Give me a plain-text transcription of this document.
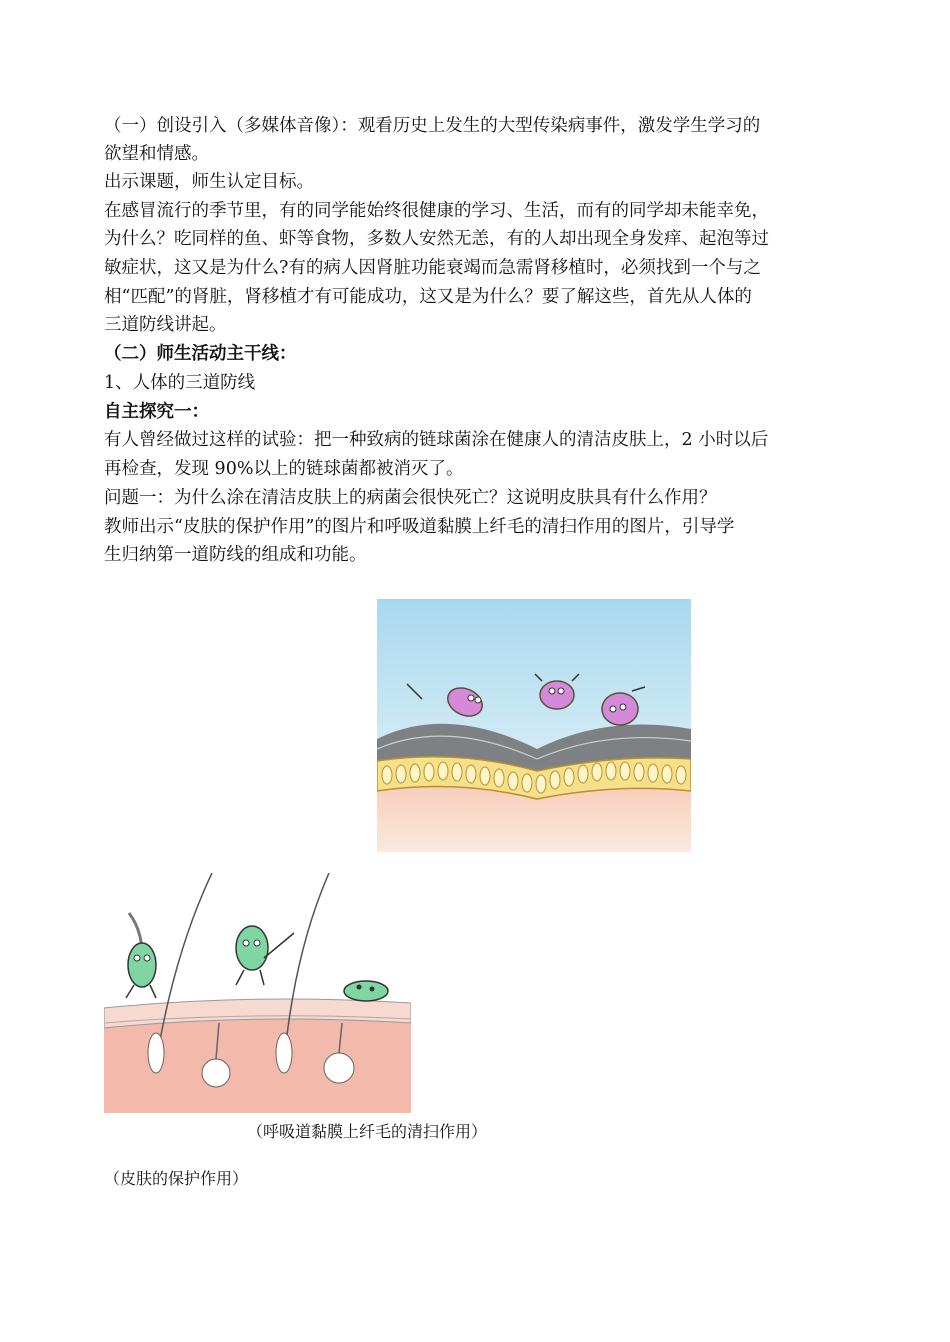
（一）创设引入（多媒体音像）：观看历史上发生的大型传染病事件，激发学生学习的
欲望和情感。
出示课题，师生认定目标。
在感冒流行的季节里，有的同学能始终很健康的学习、生活，而有的同学却未能幸免，
为什么？吃同样的鱼、虾等食物，多数人安然无恙，有的人却出现全身发痒、起泡等过
敏症状，这又是为什么?有的病人因肾脏功能衰竭而急需肾移植时，必须找到一个与之
相“匹配”的肾脏，肾移植才有可能成功，这又是为什么？要了解这些，首先从人体的
三道防线讲起。
（二）师生活动主干线：
1、人体的三道防线
自主探究一：
有人曾经做过这样的试验：把一种致病的链球菌涂在健康人的清洁皮肤上，2 小时以后
再检查，发现 90%以上的链球菌都被消灭了。
问题一：为什么涂在清洁皮肤上的病菌会很快死亡？这说明皮肤具有什么作用？
教师出示“皮肤的保护作用”的图片和呼吸道黏膜上纤毛的清扫作用的图片，引导学
生归纳第一道防线的组成和功能。
（呼吸道黏膜上纤毛的清扫作用）
（皮肤的保护作用）
